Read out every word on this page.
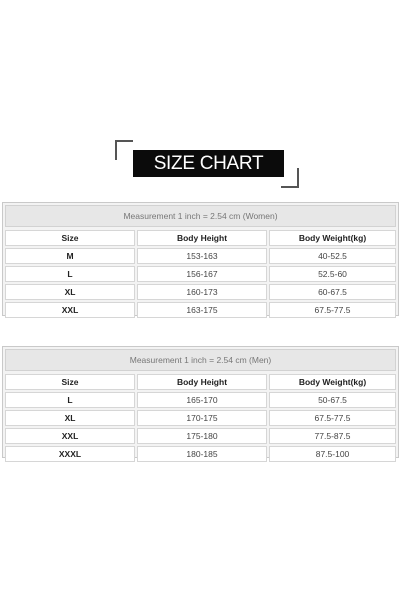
SIZE CHART
Measurement 1 inch = 2.54 cm (Women)
Size	Body Height	Body Weight(kg)
M	153-163	40-52.5
L	156-167	52.5-60
XL	160-173	60-67.5
XXL	163-175	67.5-77.5
Measurement 1 inch = 2.54 cm (Men)
Size	Body Height	Body Weight(kg)
L	165-170	50-67.5
XL	170-175	67.5-77.5
XXL	175-180	77.5-87.5
XXXL	180-185	87.5-100
